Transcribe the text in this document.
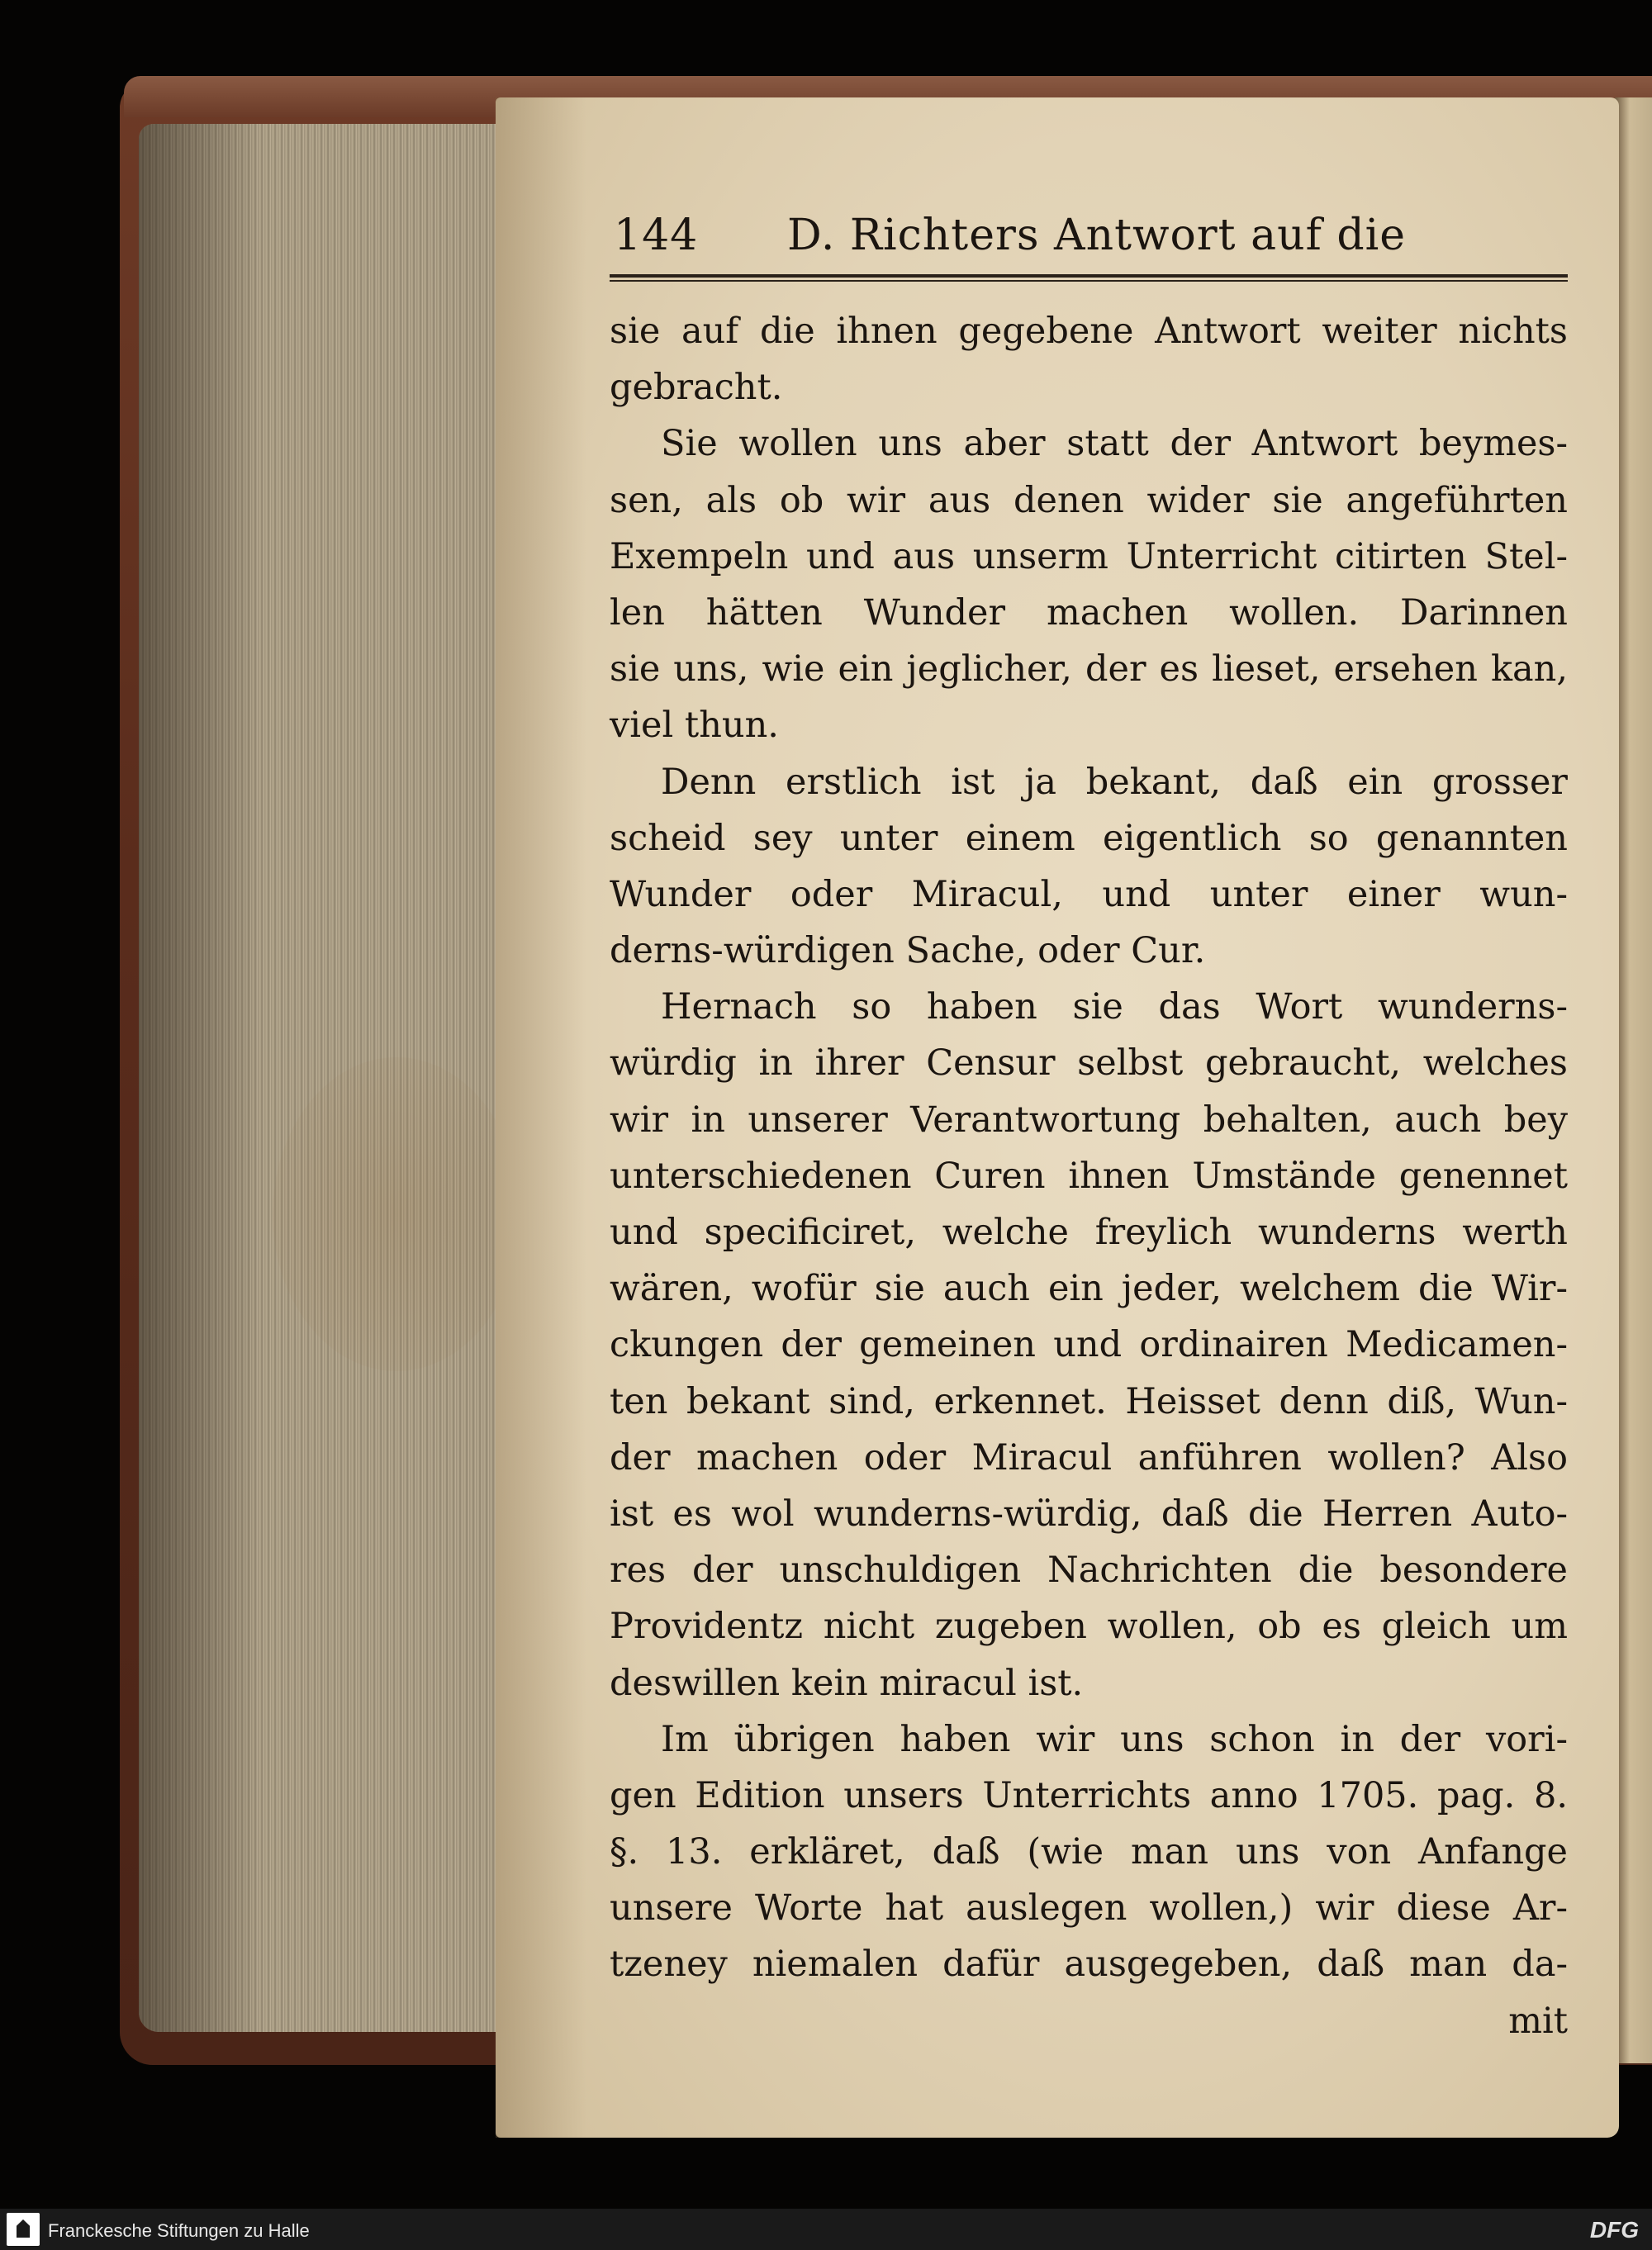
144 D. Richters Antwort auf die
sie auf die ihnen gegebene Antwort weiter nichts
gebracht.
Sie wollen uns aber statt der Antwort beymes-
sen, als ob wir aus denen wider sie angeführten
Exempeln und aus unserm Unterricht citirten Stel-
len hätten Wunder machen wollen. Darinnen
sie uns, wie ein jeglicher, der es lieset, ersehen kan,
viel thun.
Denn erstlich ist ja bekant, daß ein grosser
scheid sey unter einem eigentlich so genannten
Wunder oder Miracul, und unter einer wun-
derns-würdigen Sache, oder Cur.
Hernach so haben sie das Wort wunderns-
würdig in ihrer Censur selbst gebraucht, welches
wir in unserer Verantwortung behalten, auch bey
unterschiedenen Curen ihnen Umstände genennet
und specificiret, welche freylich wunderns werth
wären, wofür sie auch ein jeder, welchem die Wir-
ckungen der gemeinen und ordinairen Medicamen-
ten bekant sind, erkennet. Heisset denn diß, Wun-
der machen oder Miracul anführen wollen? Also
ist es wol wunderns-würdig, daß die Herren Auto-
res der unschuldigen Nachrichten die besondere
Providentz nicht zugeben wollen, ob es gleich um
deswillen kein miracul ist.
Im übrigen haben wir uns schon in der vori-
gen Edition unsers Unterrichts anno 1705. pag. 8.
§. 13. erkläret, daß (wie man uns von Anfange
unsere Worte hat auslegen wollen,) wir diese Ar-
tzeney niemalen dafür ausgegeben, daß man da-
mit
Franckesche Stiftungen zu Halle	DFG
